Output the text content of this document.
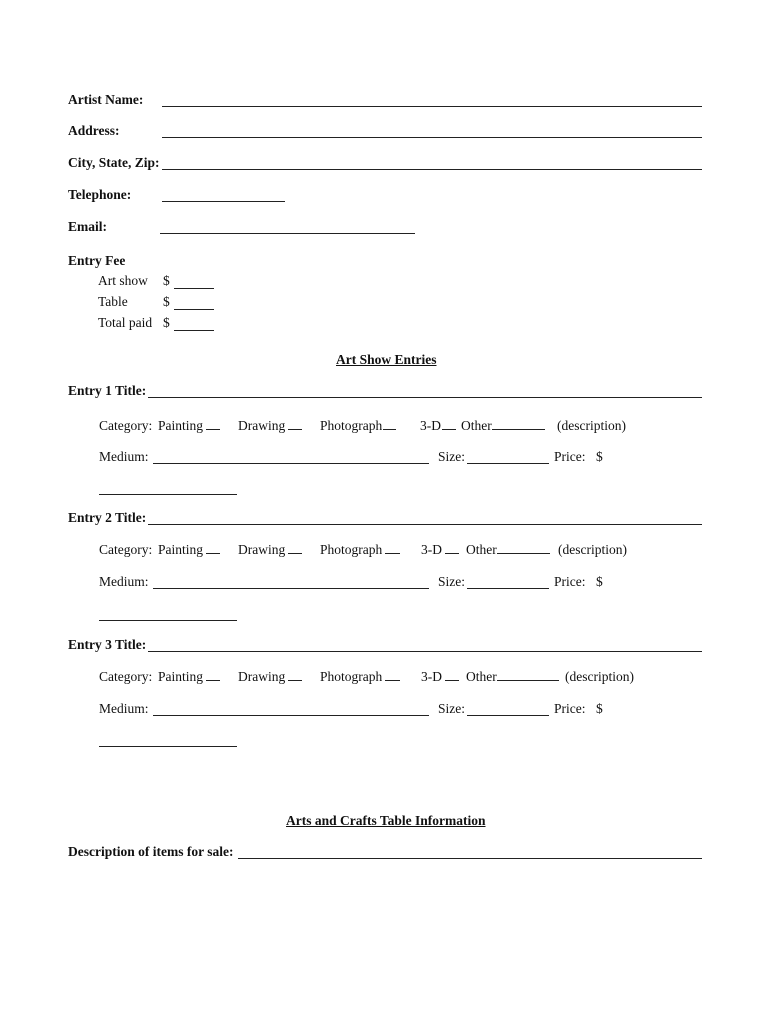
Artist Name:
Address:
City, State, Zip:
Telephone:
Email:
Entry Fee
Art show $
Table	$
Total paid $
Art Show Entries
Entry 1 Title:
Category: Painting	Drawing	Photograph	3-D	Other	(description)
Medium:	Size:	Price: $
Entry 2 Title:
Category: Painting	Drawing	Photograph	3-D	Other	(description)
Medium:	Size:	Price: $
Entry 3 Title:
Category: Painting	Drawing	Photograph	3-D	Other	(description)
Medium:	Size:	Price: $
Arts and Crafts Table Information
Description of items for sale:
